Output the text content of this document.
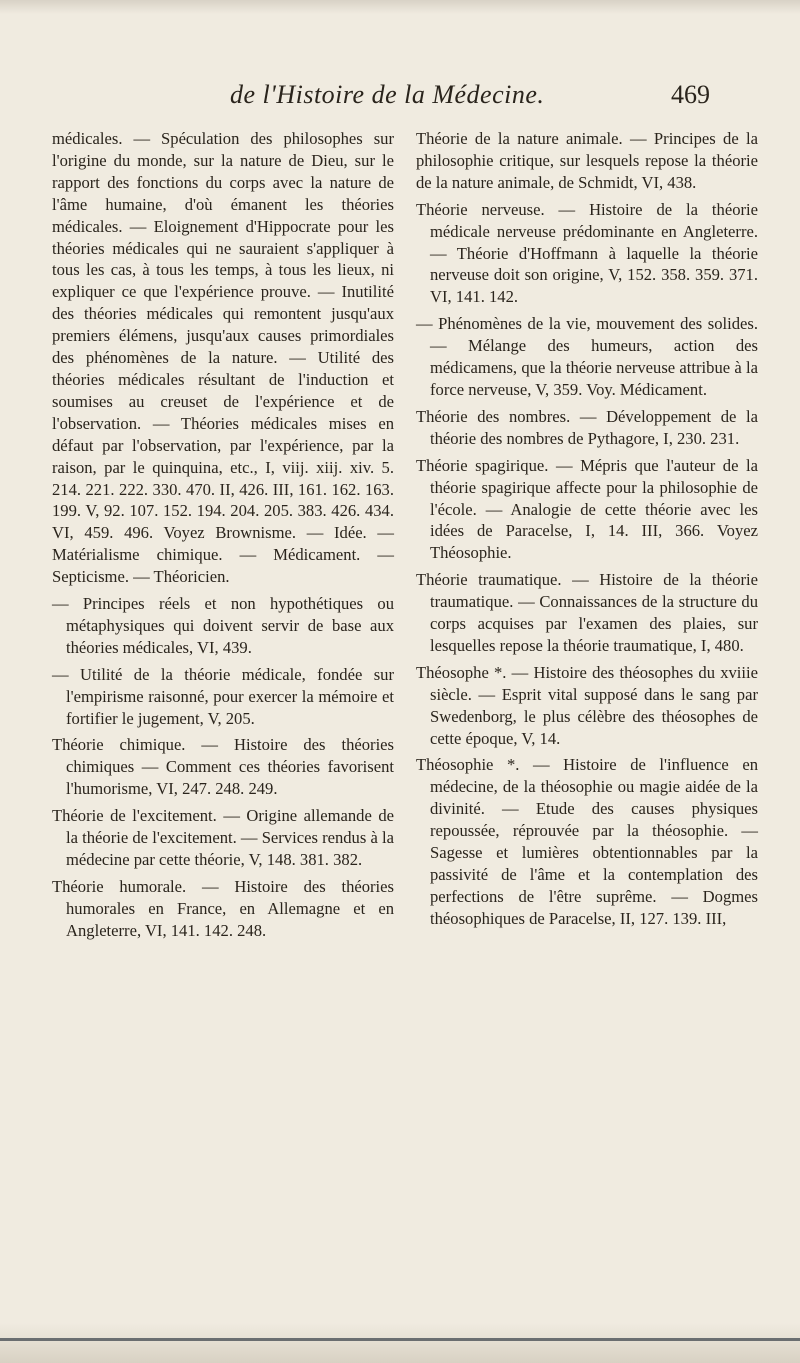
de l'Histoire de la Médecine.	469

médicales. — Spéculation des philosophes sur l'origine du monde, sur la nature de Dieu, sur le rapport des fonctions du corps avec la nature de l'âme humaine, d'où émanent les théories médicales. — Eloignement d'Hippocrate pour les théories médicales qui ne sauraient s'appliquer à tous les cas, à tous les temps, à tous les lieux, ni expliquer ce que l'expérience prouve. — Inutilité des théories médicales qui remontent jusqu'aux premiers élémens, jusqu'aux causes primordiales des phénomènes de la nature. — Utilité des théories médicales résultant de l'induction et soumises au creuset de l'expérience et de l'observation. — Théories médicales mises en défaut par l'observation, par l'expérience, par la raison, par le quinquina, etc., I, viij. xiij. xiv. 5. 214. 221. 222. 330. 470. II, 426. III, 161. 162. 163. 199. V, 92. 107. 152. 194. 204. 205. 383. 426. 434. VI, 459. 496. Voyez Brownisme. — Idée. — Matérialisme chimique. — Médicament. — Septicisme. — Théoricien.

— Principes réels et non hypothétiques ou métaphysiques qui doivent servir de base aux théories médicales, VI, 439.

— Utilité de la théorie médicale, fondée sur l'empirisme raisonné, pour exercer la mémoire et fortifier le jugement, V, 205.

Théorie chimique. — Histoire des théories chimiques — Comment ces théories favorisent l'humorisme, VI, 247. 248. 249.

Théorie de l'excitement. — Origine allemande de la théorie de l'excitement. — Services rendus à la médecine par cette théorie, V, 148. 381. 382.

Théorie humorale. — Histoire des théories humorales en France, en Allemagne et en Angleterre, VI, 141. 142. 248.

Théorie de la nature animale. — Principes de la philosophie critique, sur lesquels repose la théorie de la nature animale, de Schmidt, VI, 438.

Théorie nerveuse. — Histoire de la théorie médicale nerveuse prédominante en Angleterre. — Théorie d'Hoffmann à laquelle la théorie nerveuse doit son origine, V, 152. 358. 359. 371. VI, 141. 142.

— Phénomènes de la vie, mouvement des solides. — Mélange des humeurs, action des médicamens, que la théorie nerveuse attribue à la force nerveuse, V, 359. Voy. Médicament.

Théorie des nombres. — Développement de la théorie des nombres de Pythagore, I, 230. 231.

Théorie spagirique. — Mépris que l'auteur de la théorie spagirique affecte pour la philosophie de l'école. — Analogie de cette théorie avec les idées de Paracelse, I, 14. III, 366. Voyez Théosophie.

Théorie traumatique. — Histoire de la théorie traumatique. — Connaissances de la structure du corps acquises par l'examen des plaies, sur lesquelles repose la théorie traumatique, I, 480.

Théosophe *. — Histoire des théosophes du xviiie siècle. — Esprit vital supposé dans le sang par Swedenborg, le plus célèbre des théosophes de cette époque, V, 14.

Théosophie *. — Histoire de l'influence en médecine, de la théosophie ou magie aidée de la divinité. — Etude des causes physiques repoussée, réprouvée par la théosophie. — Sagesse et lumières obtentionnables par la passivité de l'âme et la contemplation des perfections de l'être suprême. — Dogmes théosophiques de Paracelse, II, 127. 139. III,
